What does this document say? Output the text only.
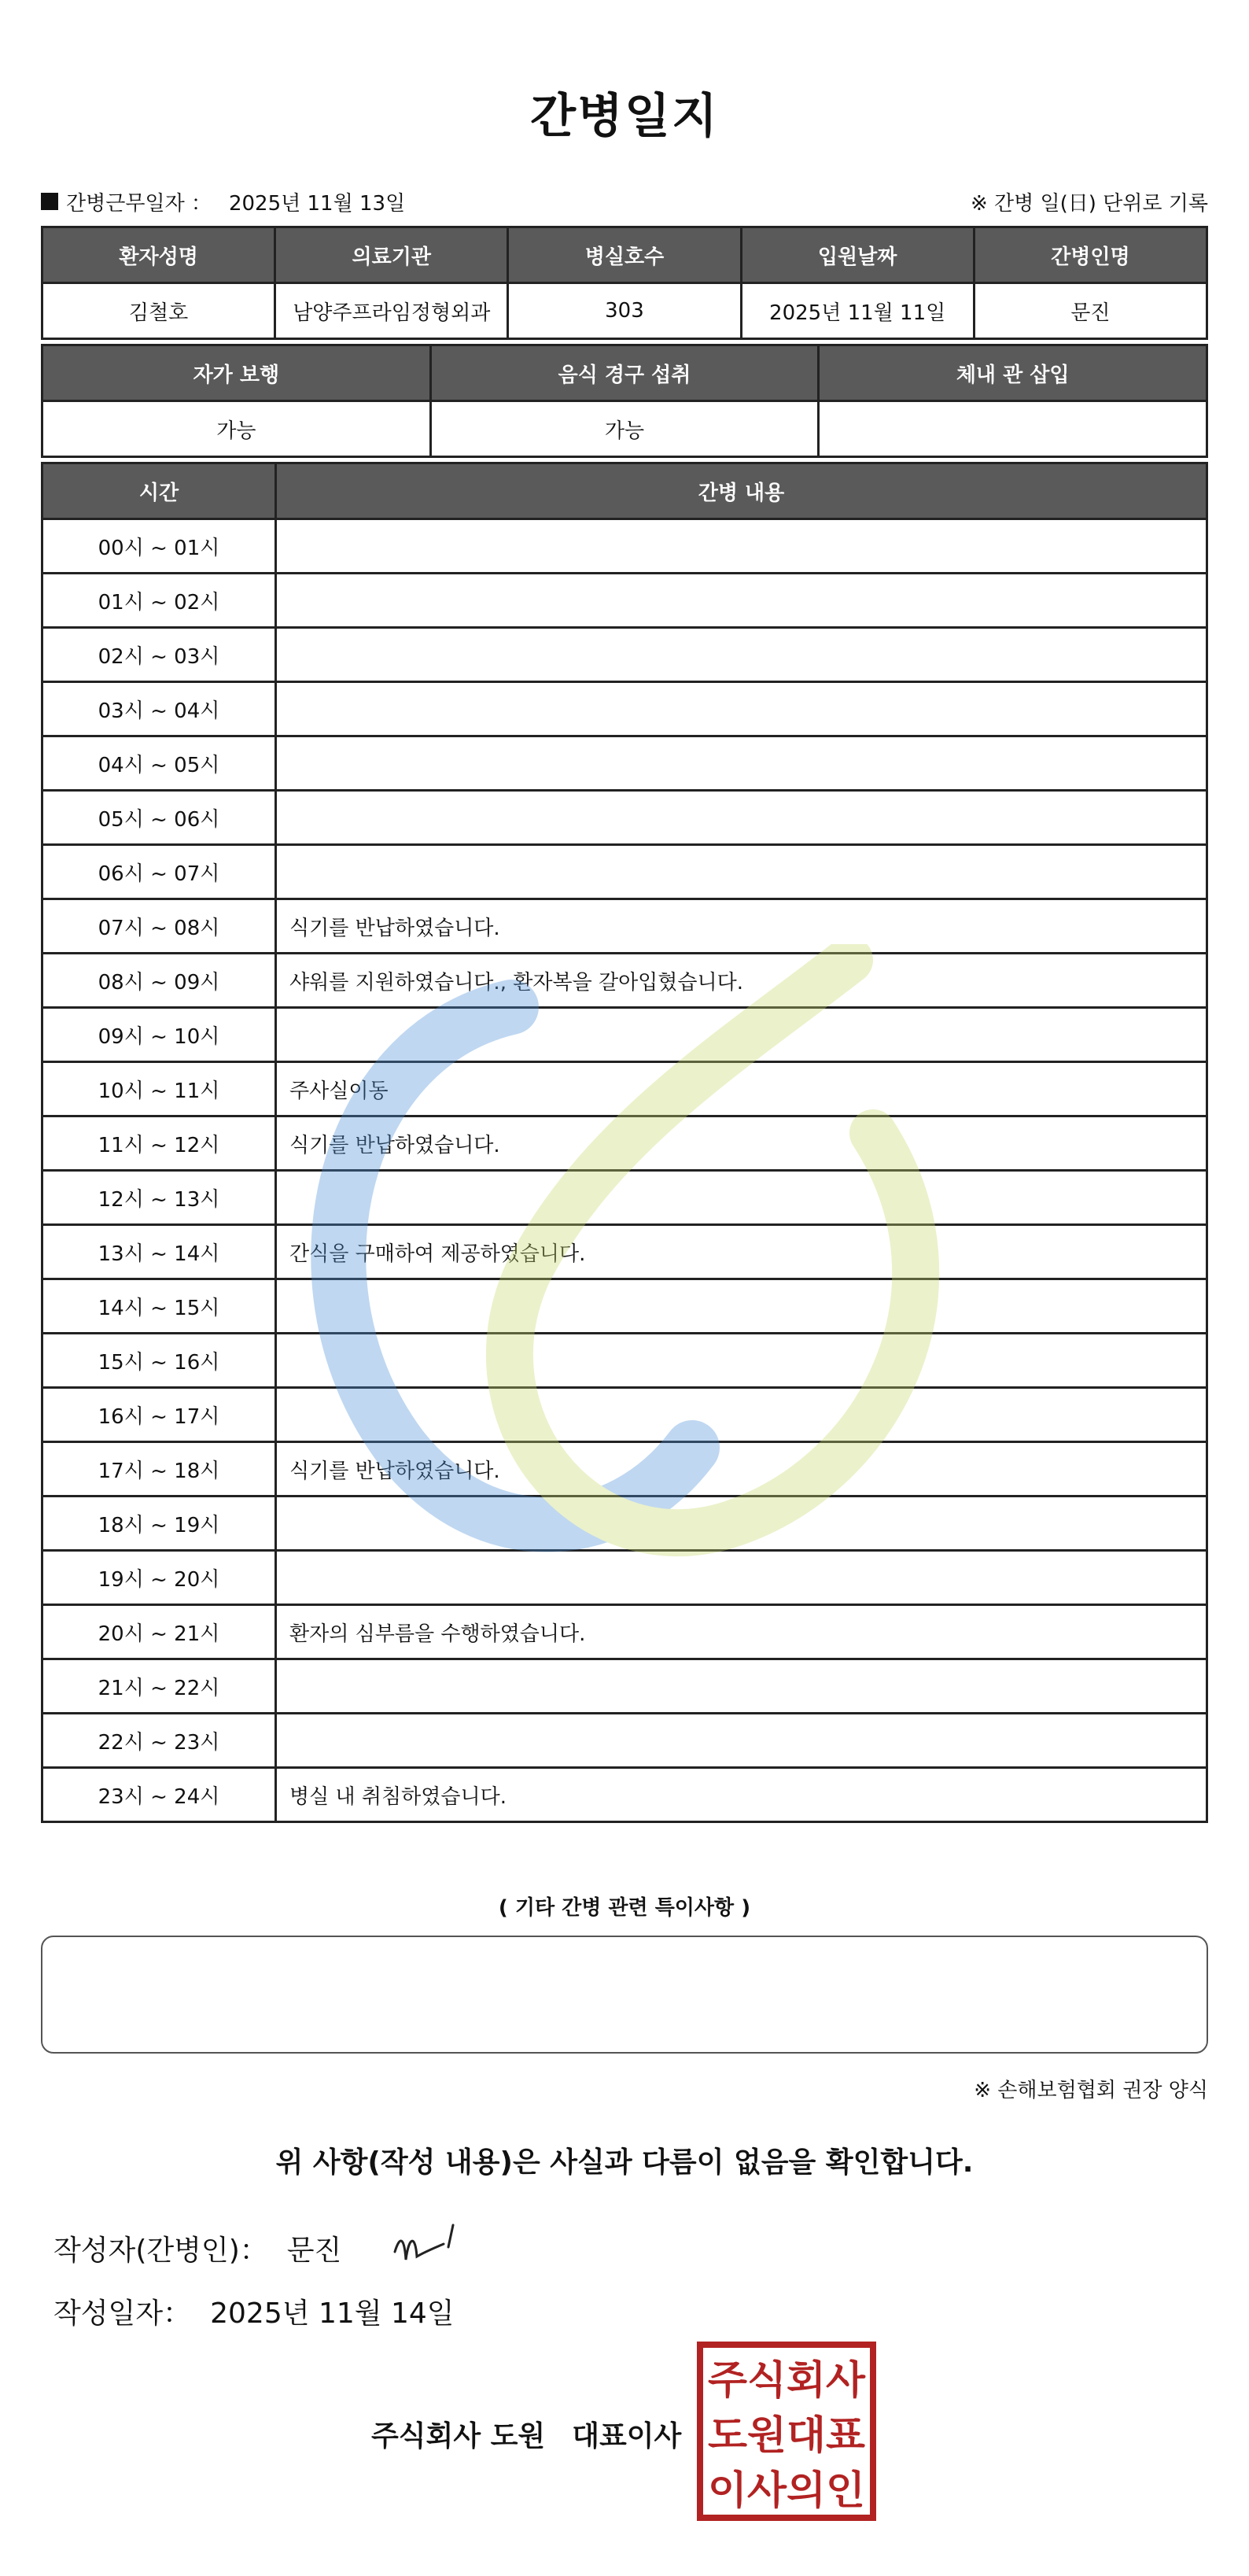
간병일지
간병근무일자 ： 2025년 11월 13일	※ 간병 일(日) 단위로 기록
환자성명	의료기관	병실호수	입원날짜	간병인명
김철호	남양주프라임정형외과	303	2025년 11월 11일	문진
자가 보행	음식 경구 섭취	체내 관 삽입
가능	가능	
시간	간병 내용
00시 ~ 01시	
01시 ~ 02시	
02시 ~ 03시	
03시 ~ 04시	
04시 ~ 05시	
05시 ~ 06시	
06시 ~ 07시	
07시 ~ 08시	식기를 반납하였습니다.
08시 ~ 09시	샤워를 지원하였습니다., 환자복을 갈아입혔습니다.
09시 ~ 10시	
10시 ~ 11시	주사실이동
11시 ~ 12시	식기를 반납하였습니다.
12시 ~ 13시	
13시 ~ 14시	간식을 구매하여 제공하였습니다.
14시 ~ 15시	
15시 ~ 16시	
16시 ~ 17시	
17시 ~ 18시	식기를 반납하였습니다.
18시 ~ 19시	
19시 ~ 20시	
20시 ~ 21시	환자의 심부름을 수행하였습니다.
21시 ~ 22시	
22시 ~ 23시	
23시 ~ 24시	병실 내 취침하였습니다.
( 기타 간병 관련 특이사항 )
※ 손해보험협회 권장 양식
위 사항(작성 내용)은 사실과 다름이 없음을 확인합니다.
작성자(간병인)： 문진
작성일자： 2025년 11월 14일
주식회사 도원 대표이사
주식회사
도원대표
이사의인
